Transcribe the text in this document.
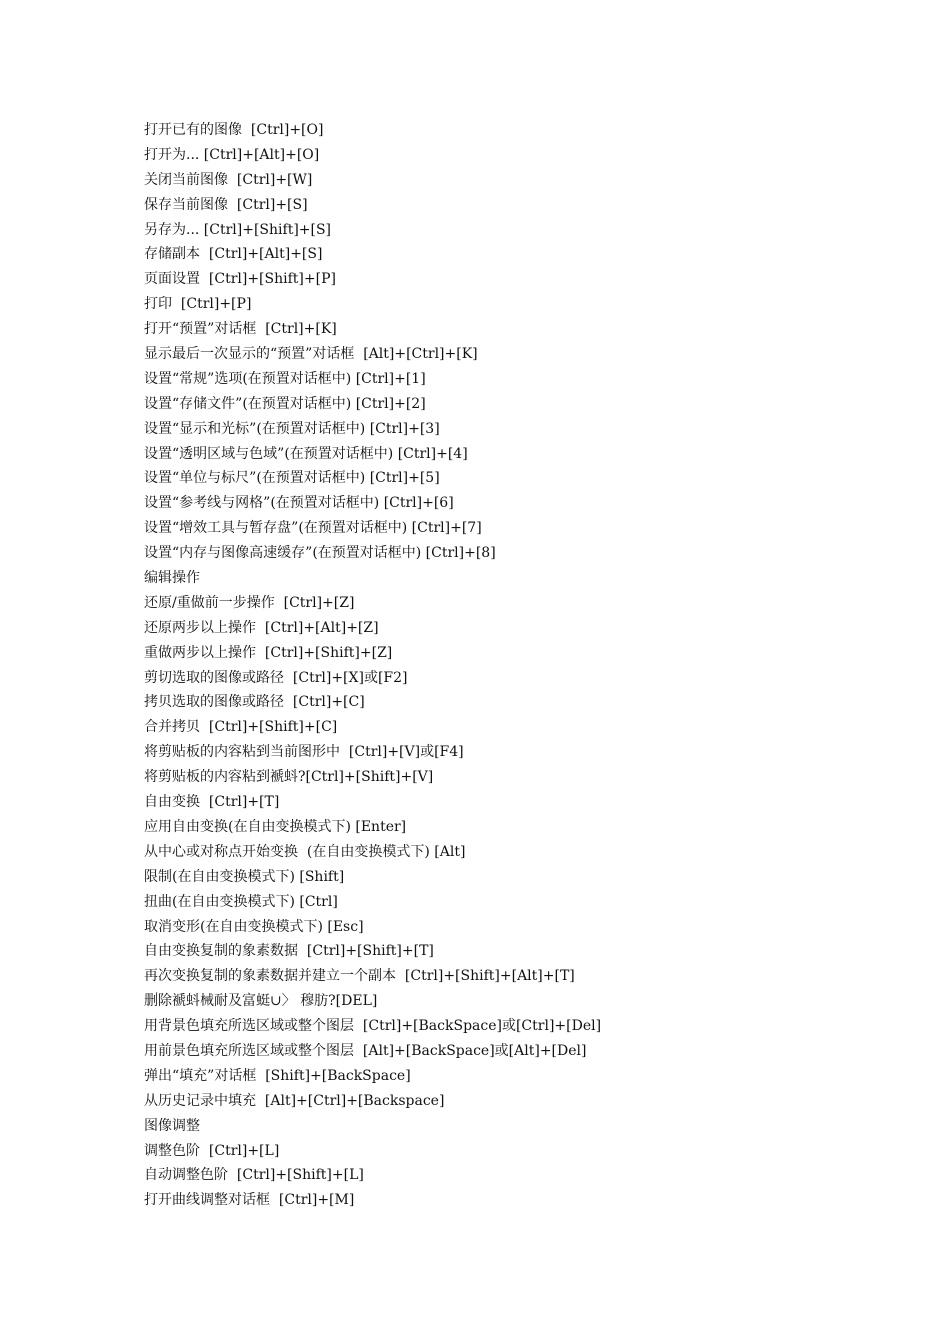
打开已有的图像  [Ctrl]+[O]
打开为... [Ctrl]+[Alt]+[O]
关闭当前图像  [Ctrl]+[W]
保存当前图像  [Ctrl]+[S]
另存为... [Ctrl]+[Shift]+[S]
存储副本  [Ctrl]+[Alt]+[S]
页面设置  [Ctrl]+[Shift]+[P]
打印  [Ctrl]+[P]
打开“预置”对话框  [Ctrl]+[K]
显示最后一次显示的“预置”对话框  [Alt]+[Ctrl]+[K]
设置“常规”选项(在预置对话框中) [Ctrl]+[1]
设置“存储文件”(在预置对话框中) [Ctrl]+[2]
设置“显示和光标”(在预置对话框中) [Ctrl]+[3]
设置“透明区域与色域”(在预置对话框中) [Ctrl]+[4]
设置“单位与标尺”(在预置对话框中) [Ctrl]+[5]
设置“参考线与网格”(在预置对话框中) [Ctrl]+[6]
设置“增效工具与暂存盘”(在预置对话框中) [Ctrl]+[7]
设置“内存与图像高速缓存”(在预置对话框中) [Ctrl]+[8]
编辑操作
还原/重做前一步操作  [Ctrl]+[Z]
还原两步以上操作  [Ctrl]+[Alt]+[Z]
重做两步以上操作  [Ctrl]+[Shift]+[Z]
剪切选取的图像或路径  [Ctrl]+[X]或[F2]
拷贝选取的图像或路径  [Ctrl]+[C]
合并拷贝  [Ctrl]+[Shift]+[C]
将剪贴板的内容粘到当前图形中  [Ctrl]+[V]或[F4]
将剪贴板的内容粘到褫蚪?[Ctrl]+[Shift]+[V]
自由变换  [Ctrl]+[T]
应用自由变换(在自由变换模式下) [Enter]
从中心或对称点开始变换  (在自由变换模式下) [Alt]
限制(在自由变换模式下) [Shift]
扭曲(在自由变换模式下) [Ctrl]
取消变形(在自由变换模式下) [Esc]
自由变换复制的象素数据  [Ctrl]+[Shift]+[T]
再次变换复制的象素数据并建立一个副本  [Ctrl]+[Shift]+[Alt]+[T]
删除褫蚪械耐及富蜓∪〉 穆肪?[DEL]
用背景色填充所选区域或整个图层  [Ctrl]+[BackSpace]或[Ctrl]+[Del]
用前景色填充所选区域或整个图层  [Alt]+[BackSpace]或[Alt]+[Del]
弹出“填充”对话框  [Shift]+[BackSpace]
从历史记录中填充  [Alt]+[Ctrl]+[Backspace]
图像调整
调整色阶  [Ctrl]+[L]
自动调整色阶  [Ctrl]+[Shift]+[L]
打开曲线调整对话框  [Ctrl]+[M]
